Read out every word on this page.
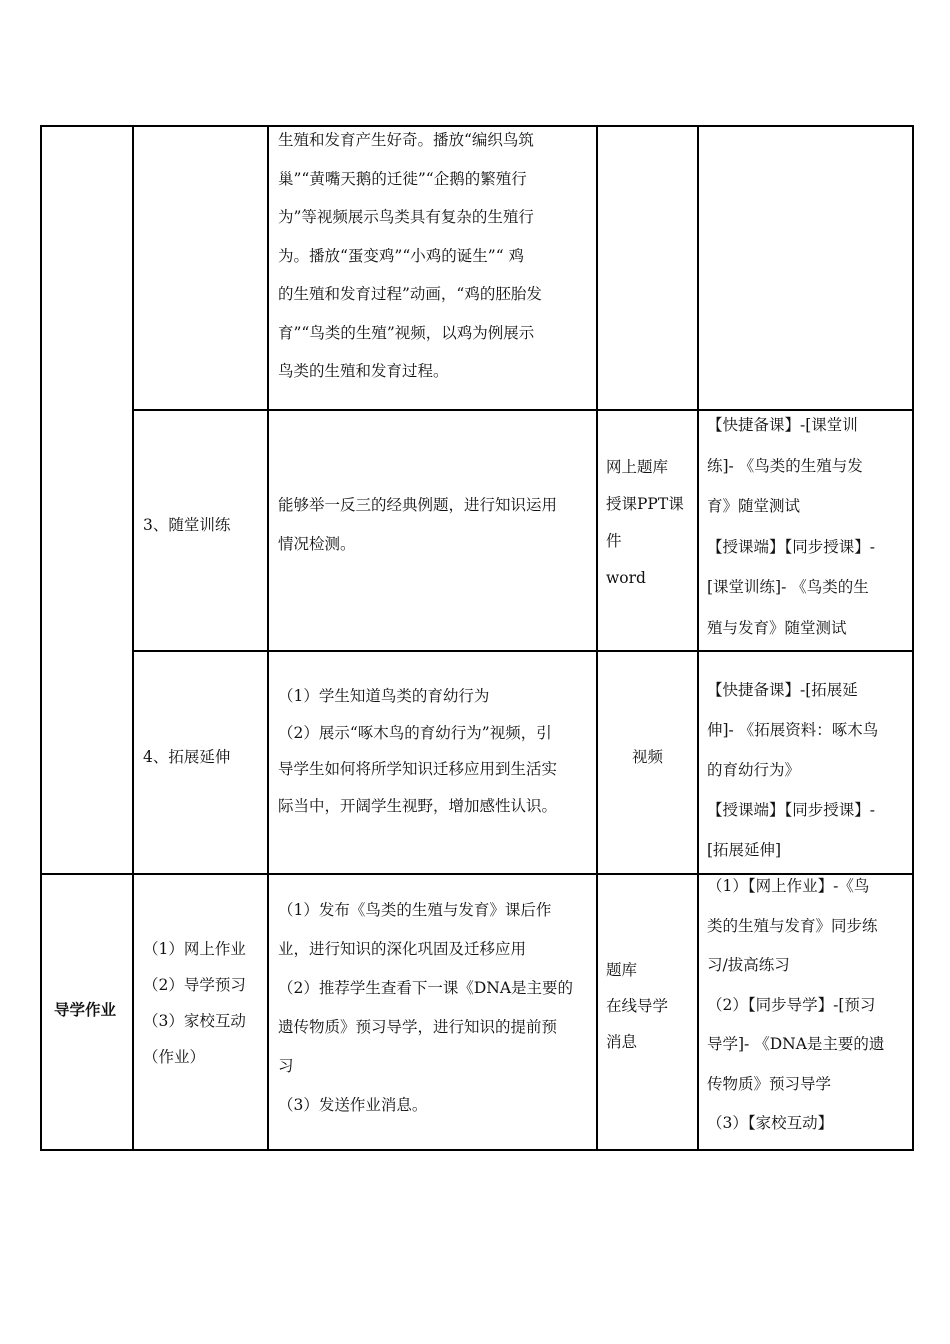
生殖和发育产生好奇。播放“编织鸟筑
巢”“黄嘴天鹅的迁徙”“企鹅的繁殖行
为”等视频展示鸟类具有复杂的生殖行
为。播放“蛋变鸡”“小鸡的诞生”“ 鸡
的生殖和发育过程”动画，“鸡的胚胎发
育”“鸟类的生殖”视频，以鸡为例展示
鸟类的生殖和发育过程。
3、随堂训练
能够举一反三的经典例题，进行知识运用
情况检测。
网上题库
授课PPT课
件
word
【快捷备课】-[课堂训
练]- 《鸟类的生殖与发
育》随堂测试
【授课端】【同步授课】-
[课堂训练]- 《鸟类的生
殖与发育》随堂测试
4、拓展延伸
（1）学生知道鸟类的育幼行为
（2）展示“啄木鸟的育幼行为”视频，引
导学生如何将所学知识迁移应用到生活实
际当中，开阔学生视野，增加感性认识。
视频
【快捷备课】-[拓展延
伸]- 《拓展资料：啄木鸟
的育幼行为》
【授课端】【同步授课】-
[拓展延伸]
导学作业
（1）网上作业
（2）导学预习
（3）家校互动
（作业）
（1）发布《鸟类的生殖与发育》课后作
业，进行知识的深化巩固及迁移应用
（2）推荐学生查看下一课《DNA是主要的
遗传物质》预习导学，进行知识的提前预
习
（3）发送作业消息。
题库
在线导学
消息
（1）【网上作业】-《鸟
类的生殖与发育》同步练
习/拔高练习
（2）【同步导学】-[预习
导学]- 《DNA是主要的遗
传物质》预习导学
（3）【家校互动】
